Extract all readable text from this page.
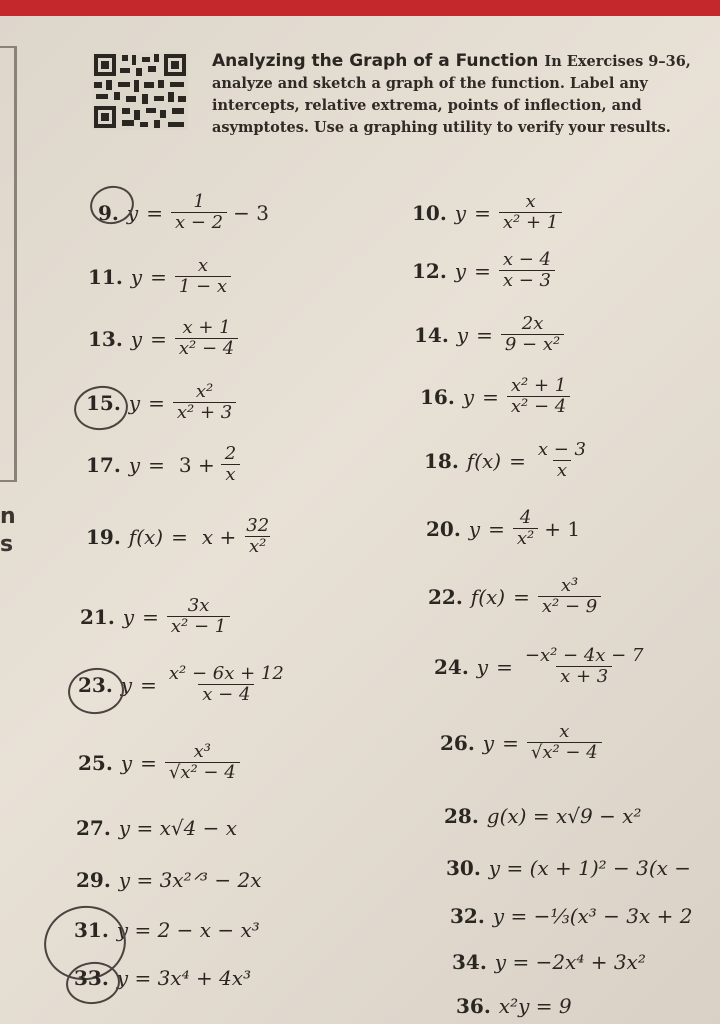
n
s
Analyzing the Graph of a Function In Exercises 9–36, analyze and sketch a graph of the function. Label any intercepts, relative extrema, points of inflection, and asymptotes. Use a graphing utility to verify your results.
9. $y = \frac{1}{x - 2} - 3$
11. $y = \frac{x}{1 - x}$
13. $y = \frac{x + 1}{\text{x² − 4}}$
15. $y = \frac{\text{x²}}{\text{x² + 3}}$
17. $y = 3 + \frac{2}{x}$
19. $f(x) = x + \frac{32}{\text{x²}}$
21. $y = \frac{3x}{\text{x² − 1}}$
23. $y = \frac{\text{x² − 6x + 12}}{x - 4}$
25. $y = \frac{\text{x³}}{\text{√x² − 4}}$
27. y = x√4 − x
29. y = 3x²ᐟ³ − 2x
31. y = 2 − x − x³
33. y = 3x⁴ + 4x³
10. $y = \frac{x}{\text{x² + 1}}$
12. $y = \frac{x - 4}{x - 3}$
14. $y = \frac{2x}{\text{9 − x²}}$
16. $y = \frac{\text{x² + 1}}{\text{x² − 4}}$
18. $f(x) = \frac{x - 3}{x}$
20. $y = \frac{4}{\text{x²}} + 1$
22. $f(x) = \frac{\text{x³}}{\text{x² − 9}}$
24. $y = \frac{\text{−x² − 4x − 7}}{x + 3}$
26. $y = \frac{x}{\text{√x² − 4}}$
28. g(x) = x√9 − x²
30. y = (x + 1)² − 3(x −
32. y = −⅓(x³ − 3x + 2
34. y = −2x⁴ + 3x²
36. x²y = 9
